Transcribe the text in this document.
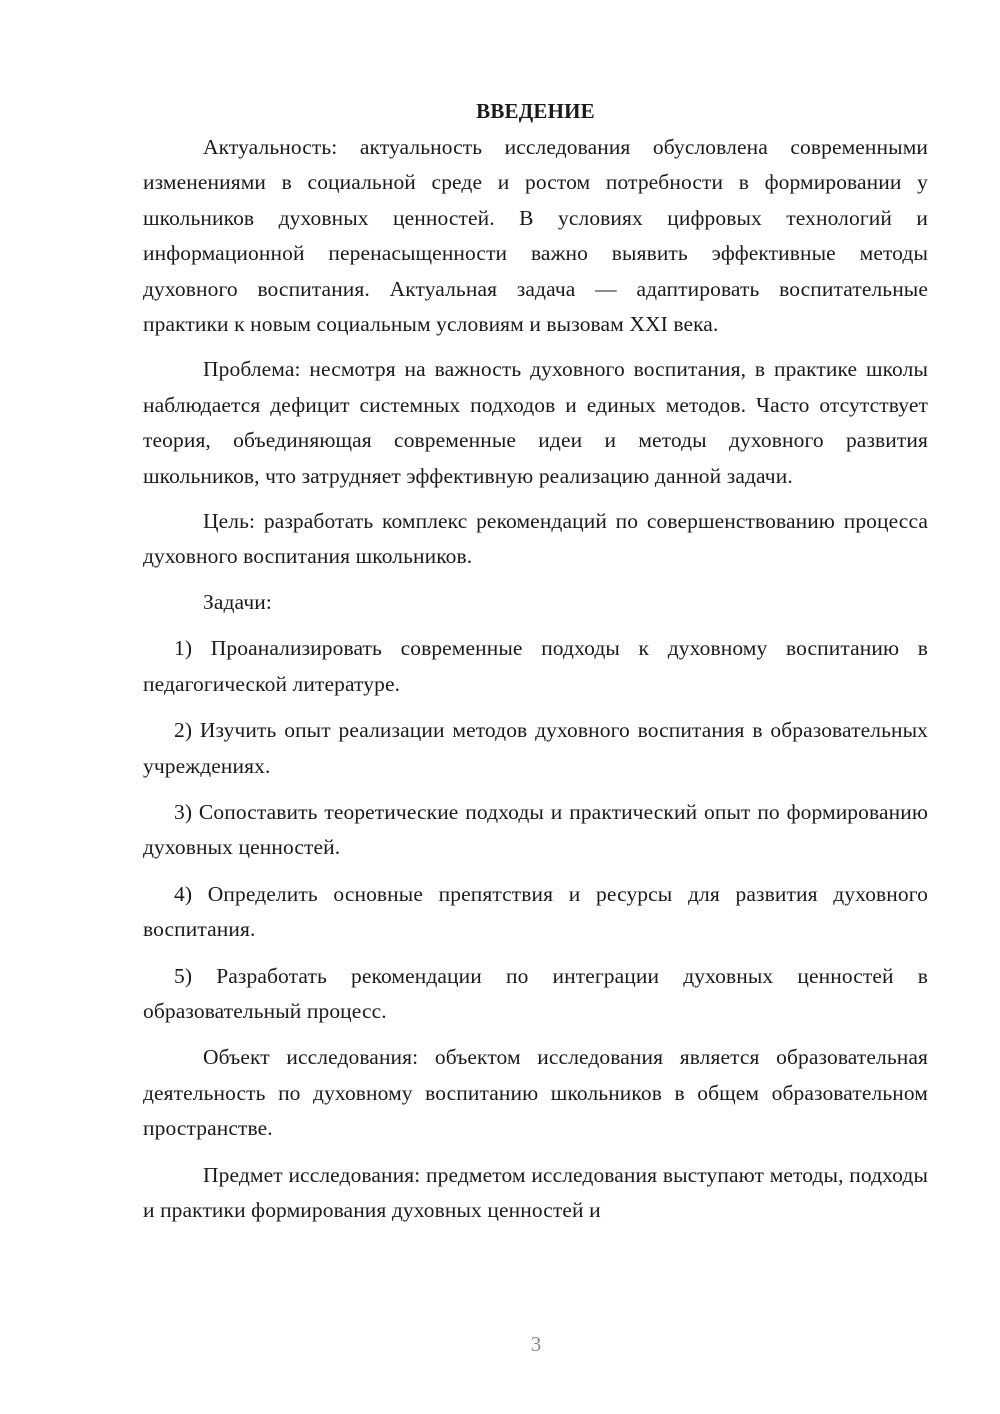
ВВЕДЕНИЕ

Актуальность: актуальность исследования обусловлена современными изменениями в социальной среде и ростом потребности в формировании у школьников духовных ценностей. В условиях цифровых технологий и информационной перенасыщенности важно выявить эффективные методы духовного воспитания. Актуальная задача — адаптировать воспитательные практики к новым социальным условиям и вызовам XXI века.

Проблема: несмотря на важность духовного воспитания, в практике школы наблюдается дефицит системных подходов и единых методов. Часто отсутствует теория, объединяющая современные идеи и методы духовного развития школьников, что затрудняет эффективную реализацию данной задачи.

Цель: разработать комплекс рекомендаций по совершенствованию процесса духовного воспитания школьников.

Задачи:

1) Проанализировать современные подходы к духовному воспитанию в педагогической литературе.

2) Изучить опыт реализации методов духовного воспитания в образовательных учреждениях.

3) Сопоставить теоретические подходы и практический опыт по формированию духовных ценностей.

4) Определить основные препятствия и ресурсы для развития духовного воспитания.

5) Разработать рекомендации по интеграции духовных ценностей в образовательный процесс.

Объект исследования: объектом исследования является образовательная деятельность по духовному воспитанию школьников в общем образовательном пространстве.

Предмет исследования: предметом исследования выступают методы, подходы и практики формирования духовных ценностей и

3
